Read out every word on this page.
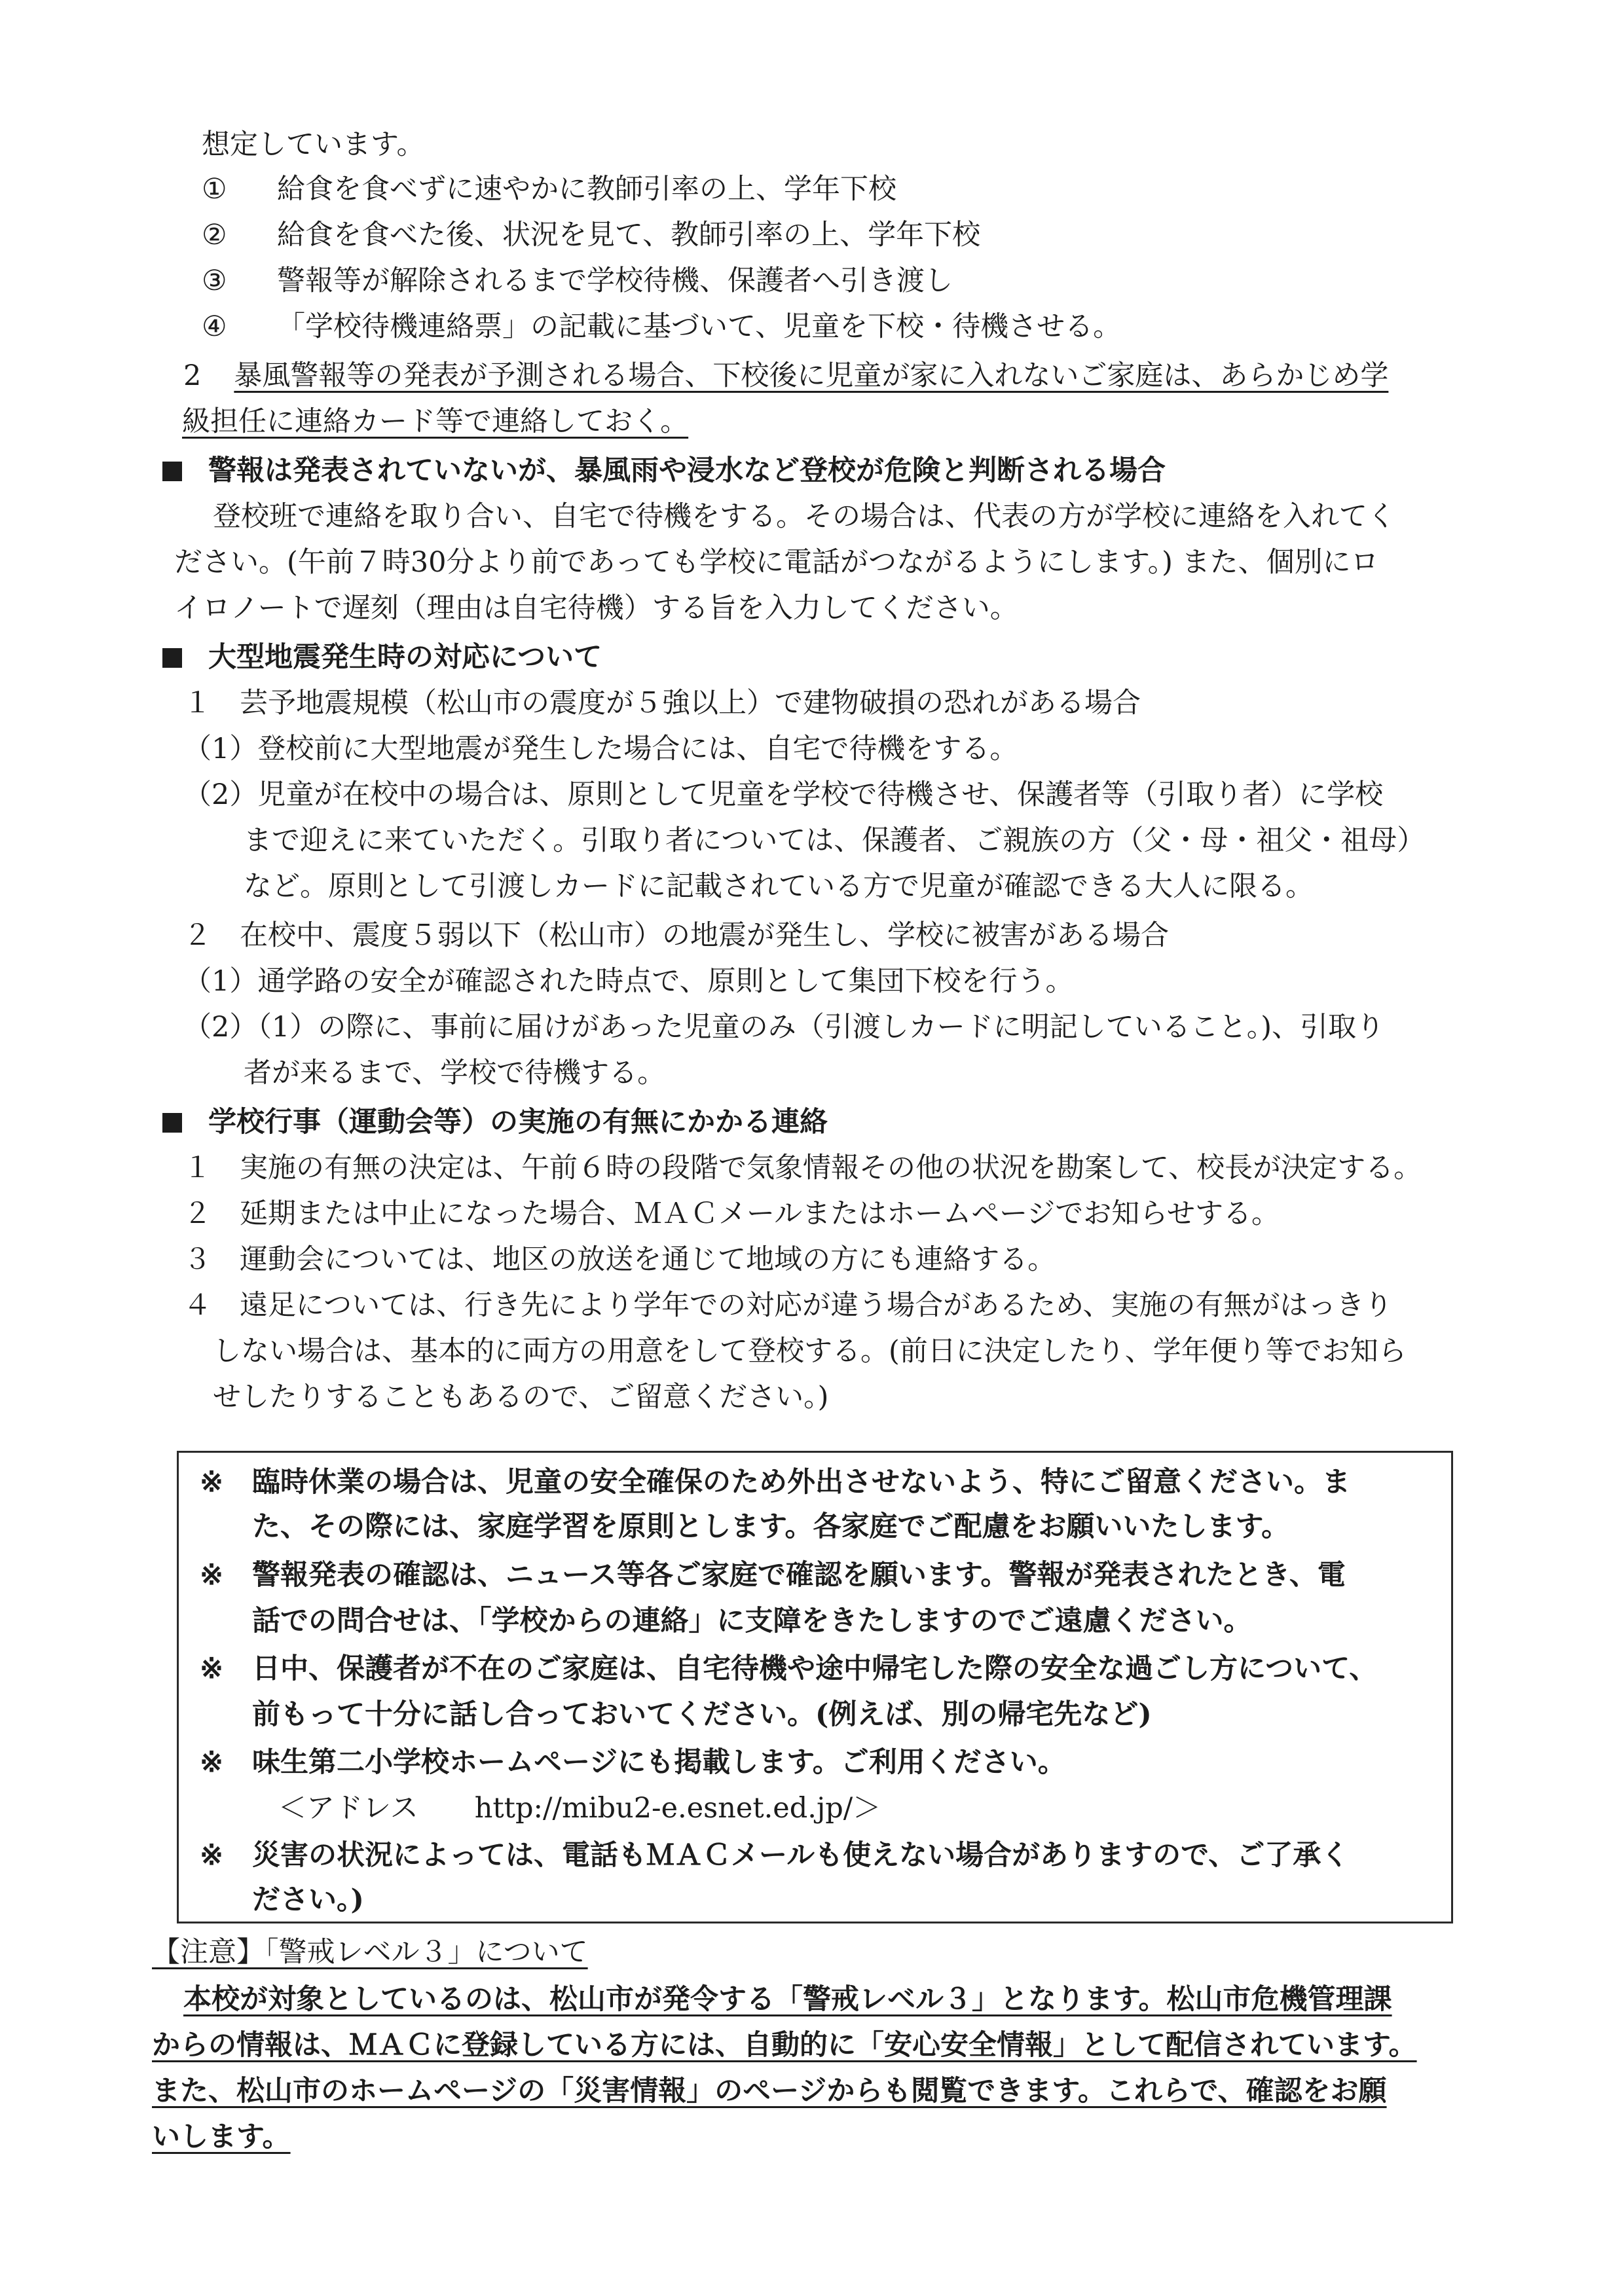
想定しています。
① 給食を食べずに速やかに教師引率の上、学年下校
② 給食を食べた後、状況を見て、教師引率の上、学年下校
③ 警報等が解除されるまで学校待機、保護者へ引き渡し
④ 「学校待機連絡票」の記載に基づいて、児童を下校・待機させる。
2 暴風警報等の発表が予測される場合、下校後に児童が家に入れないご家庭は、あらかじめ学
級担任に連絡カード等で連絡しておく。
警報は発表されていないが、暴風雨や浸水など登校が危険と判断される場合
登校班で連絡を取り合い、自宅で待機をする。その場合は、代表の方が学校に連絡を入れてく
ださい。(午前７時30分より前であっても学校に電話がつながるようにします。) また、個別にロ
イロノートで遅刻（理由は自宅待機）する旨を入力してください。
大型地震発生時の対応について
１　芸予地震規模（松山市の震度が５強以上）で建物破損の恐れがある場合
（1）登校前に大型地震が発生した場合には、自宅で待機をする。
（2）児童が在校中の場合は、原則として児童を学校で待機させ、保護者等（引取り者）に学校
まで迎えに来ていただく。引取り者については、保護者、ご親族の方（父・母・祖父・祖母）
など。原則として引渡しカードに記載されている方で児童が確認できる大人に限る。
２　在校中、震度５弱以下（松山市）の地震が発生し、学校に被害がある場合
（1）通学路の安全が確認された時点で、原則として集団下校を行う。
（2）（1）の際に、事前に届けがあった児童のみ（引渡しカードに明記していること。)、引取り
者が来るまで、学校で待機する。
学校行事（運動会等）の実施の有無にかかる連絡
１　実施の有無の決定は、午前６時の段階で気象情報その他の状況を勘案して、校長が決定する。
２　延期または中止になった場合、ＭＡＣメールまたはホームページでお知らせする。
３　運動会については、地区の放送を通じて地域の方にも連絡する。
４　遠足については、行き先により学年での対応が違う場合があるため、実施の有無がはっきり
しない場合は、基本的に両方の用意をして登校する。(前日に決定したり、学年便り等でお知ら
せしたりすることもあるので、ご留意ください。)
※ 臨時休業の場合は、児童の安全確保のため外出させないよう、特にご留意ください。ま
た、その際には、家庭学習を原則とします。各家庭でご配慮をお願いいたします。
※ 警報発表の確認は、ニュース等各ご家庭で確認を願います。警報が発表されたとき、電
話での問合せは、「学校からの連絡」に支障をきたしますのでご遠慮ください。
※ 日中、保護者が不在のご家庭は、自宅待機や途中帰宅した際の安全な過ごし方について、
前もって十分に話し合っておいてください。(例えば、別の帰宅先など)
※ 味生第二小学校ホームページにも掲載します。ご利用ください。
＜アドレス　　http://mibu2-e.esnet.ed.jp/＞
※ 災害の状況によっては、電話もＭＡＣメールも使えない場合がありますので、ご了承く
ださい。)
【注意】「警戒レベル３」について
本校が対象としているのは、松山市が発令する「警戒レベル３」となります。松山市危機管理課
からの情報は、ＭＡＣに登録している方には、自動的に「安心安全情報」として配信されています。
また、松山市のホームページの「災害情報」のページからも閲覧できます。これらで、確認をお願
いします。
